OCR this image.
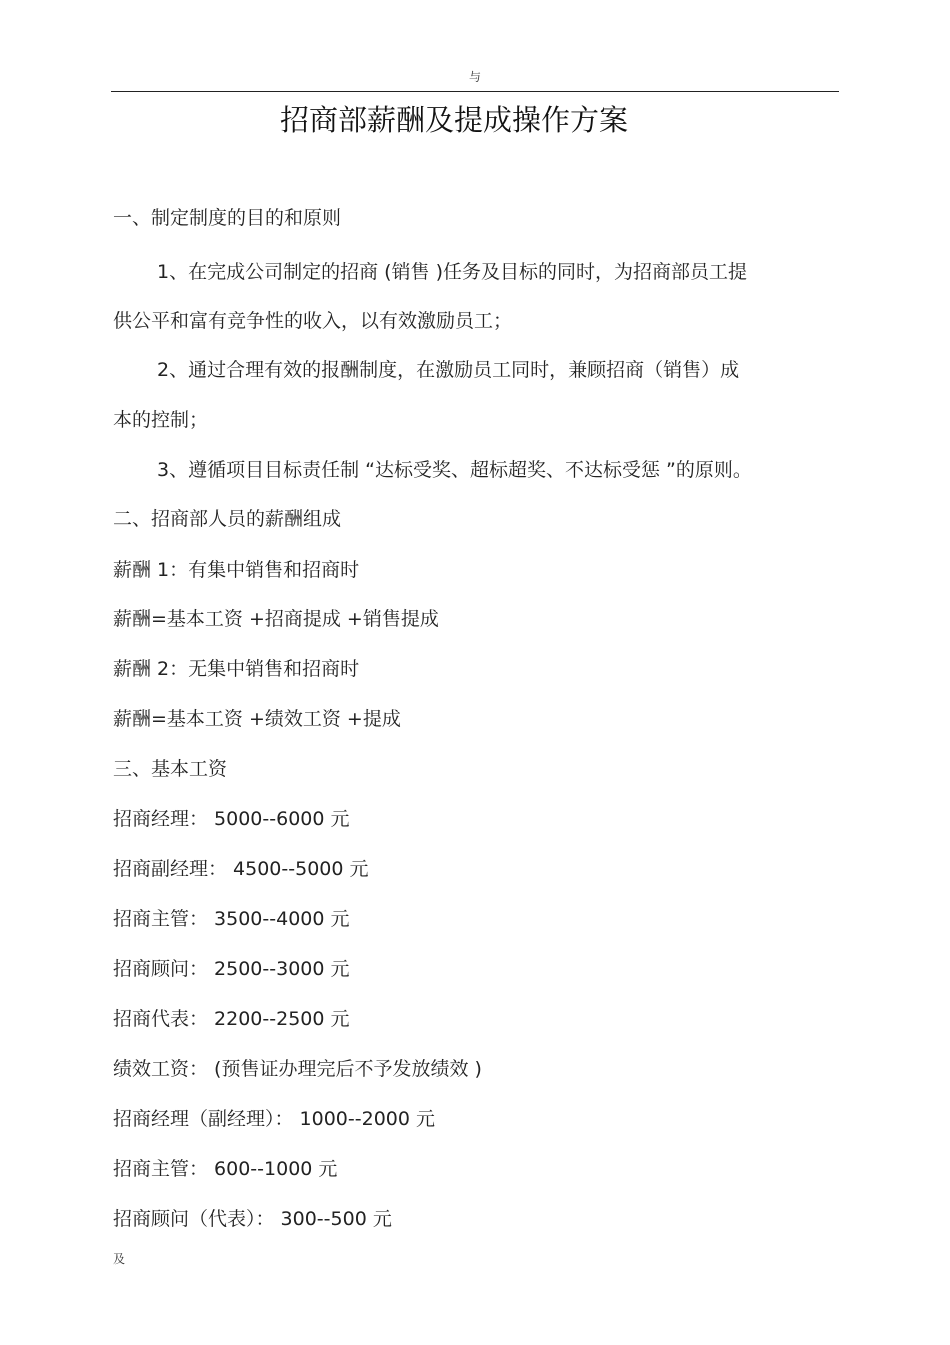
与
招商部薪酬及提成操作方案
一、制定制度的目的和原则
1、在完成公司制定的招商 (销售 )任务及目标的同时，为招商部员工提
供公平和富有竞争性的收入，以有效激励员工；
2、通过合理有效的报酬制度，在激励员工同时，兼顾招商（销售）成
本的控制；
3、遵循项目目标责任制 “达标受奖、超标超奖、不达标受惩 ”的原则。
二、招商部人员的薪酬组成
薪酬 1：有集中销售和招商时
薪酬=基本工资 +招商提成 +销售提成
薪酬 2：无集中销售和招商时
薪酬=基本工资 +绩效工资 +提成
三、基本工资
招商经理： 5000--6000 元
招商副经理： 4500--5000 元
招商主管： 3500--4000 元
招商顾问： 2500--3000 元
招商代表： 2200--2500 元
绩效工资： (预售证办理完后不予发放绩效 )
招商经理（副经理）： 1000--2000 元
招商主管： 600--1000 元
招商顾问（代表）： 300--500 元
及
